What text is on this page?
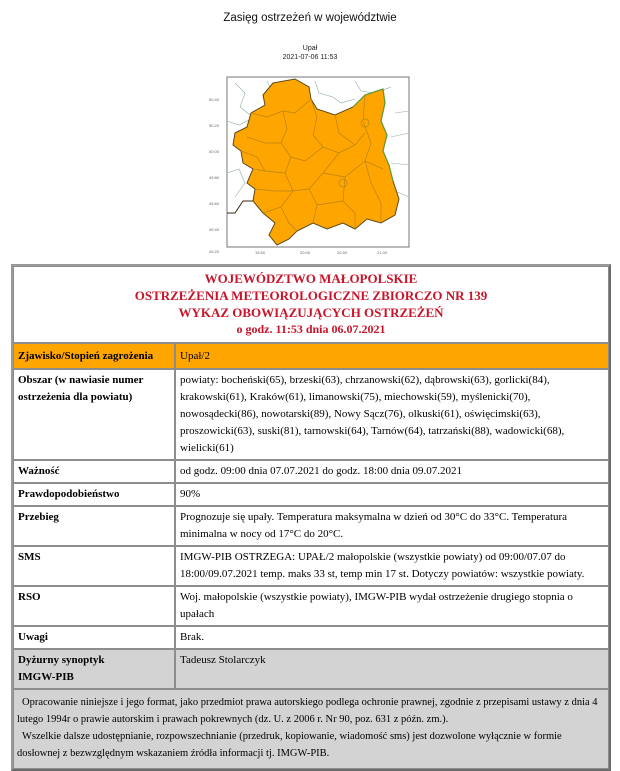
Zasięg ostrzeżeń w województwie
Upał
2021-07-06 11:53
50.40
50.20
50.00
49.80
49.60
49.40
49.20	19.50	20.00	20.50	21.00
WOJEWÓDZTWO MAŁOPOLSKIE
OSTRZEŻENIA METEOROLOGICZNE ZBIORCZO NR 139
WYKAZ OBOWIĄZUJĄCYCH OSTRZEŻEŃ
o godz. 11:53 dnia 06.07.2021	

Zjawisko/Stopień zagrożenia	Upał/2
Obszar (w nawiasie numer ostrzeżenia dla powiatu)	powiaty: bocheński(65), brzeski(63), chrzanowski(62), dąbrowski(63), gorlicki(84), krakowski(61), Kraków(61), limanowski(75), miechowski(59), myślenicki(70), nowosądecki(86), nowotarski(89), Nowy Sącz(76), olkuski(61), oświęcimski(63), proszowicki(63), suski(81), tarnowski(64), Tarnów(64), tatrzański(88), wadowicki(68), wielicki(61)
Ważność	od godz. 09:00 dnia 07.07.2021 do godz. 18:00 dnia 09.07.2021
Prawdopodobieństwo	90%
Przebieg	Prognozuje się upały. Temperatura maksymalna w dzień od 30°C do 33°C. Temperatura minimalna w nocy od 17°C do 20°C.
SMS	IMGW-PIB OSTRZEGA: UPAŁ/2 małopolskie (wszystkie powiaty) od 09:00/07.07 do 18:00/09.07.2021 temp. maks 33 st, temp min 17 st. Dotyczy powiatów: wszystkie powiaty.
RSO	Woj. małopolskie (wszystkie powiaty), IMGW-PIB wydał ostrzeżenie drugiego stopnia o upałach
Uwagi	Brak.

Dyżurny synoptyk
IMGW-PIB	Tadeusz Stolarczyk

Opracowanie niniejsze i jego format, jako przedmiot prawa autorskiego podlega ochronie prawnej, zgodnie z przepisami ustawy z dnia 4 lutego 1994r o prawie autorskim i prawach pokrewnych (dz. U. z 2006 r. Nr 90, poz. 631 z późn. zm.).

Wszelkie dalsze udostępnianie, rozpowszechnianie (przedruk, kopiowanie, wiadomość sms) jest dozwolone wyłącznie w formie dosłownej z bezwzględnym wskazaniem źródła informacji tj. IMGW-PIB.	
